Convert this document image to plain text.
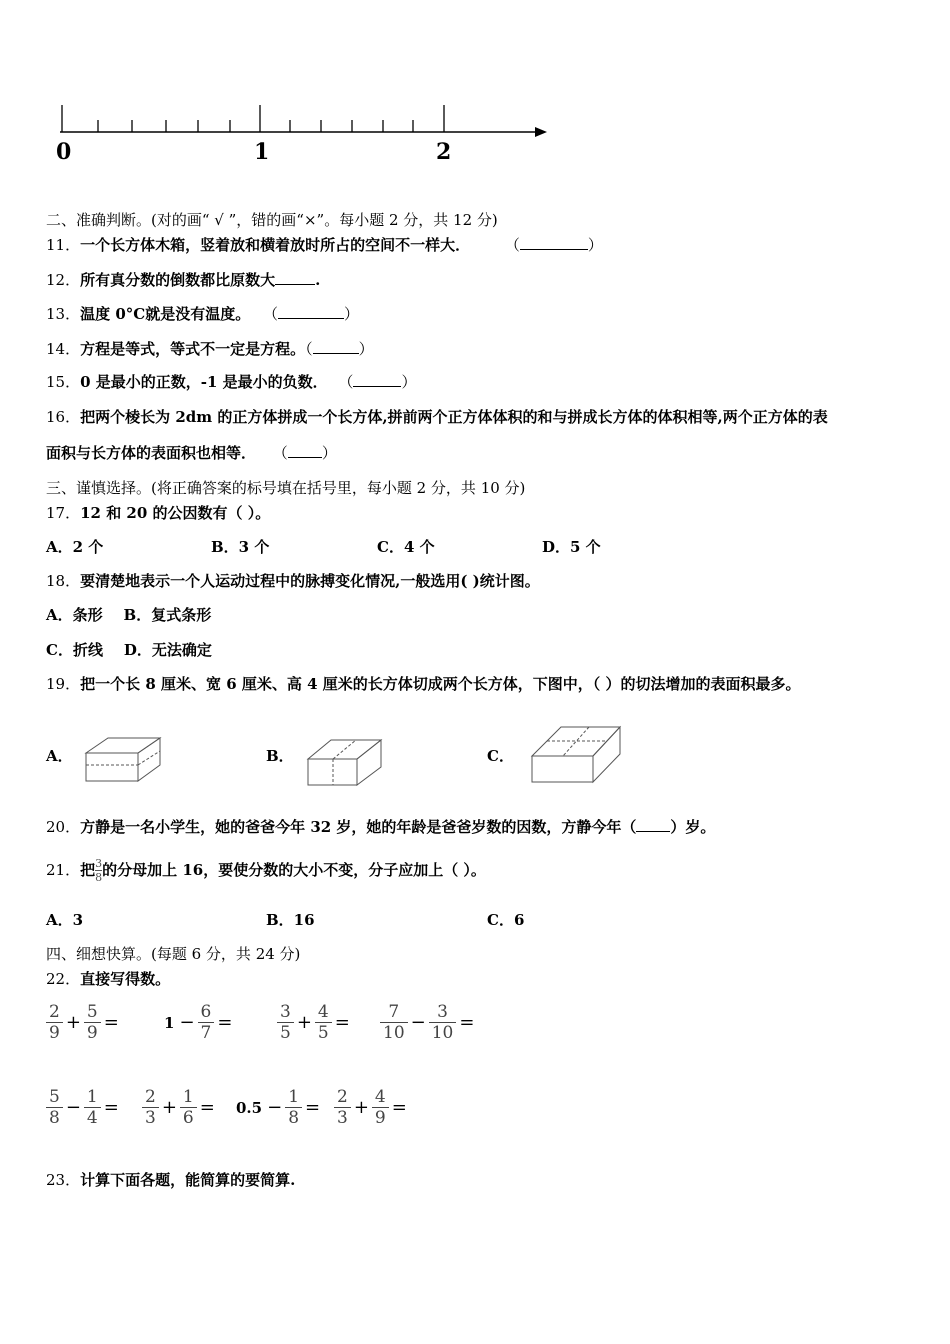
0	1	2
二、准确判断。(对的画“ √ ”，错的画“×”。每小题 2 分，共 12 分)
11．一个长方体木箱，竖着放和横着放时所占的空间不一样大． （	）
12．所有真分数的倒数都比原数大	.
13．温度 0°C就是没有温度。 （	）
14．方程是等式，等式不一定是方程。（	）
15．0 是最小的正数，-1 是最小的负数． （	）
16．把两个棱长为 2dm 的正方体拼成一个长方体,拼前两个正方体体积的和与拼成长方体的体积相等,两个正方体的表
面积与长方体的表面积也相等． （ ）
三、谨慎选择。(将正确答案的标号填在括号里，每小题 2 分，共 10 分)
17．12 和 20 的公因数有（ ）。
A．2 个	B．3 个	C．4 个	D．5 个
18．要清楚地表示一个人运动过程中的脉搏变化情况,一般选用( )统计图。
A．条形    B．复式条形
C．折线    D．无法确定
19．把一个长 8 厘米、宽 6 厘米、高 4 厘米的长方体切成两个长方体，下图中，（ ）的切法增加的表面积最多。
A．	B．	C．
20．方静是一名小学生，她的爸爸今年 32 岁，她的年龄是爸爸岁数的因数，方静今年（ ）岁。
21． 把 3
8 的分母加上 16，要使分数的大小不变，分子应加上（ ）。
A．3	B．16	C．6
四、细想快算。(每题 6 分，共 24 分)
22．直接写得数。
$\frac{2}{9} + \frac{5}{9}$ =	$1 - \frac{6}{7}$ =	$\frac{3}{5} + \frac{4}{5} = \frac{7}{10} - \frac{3}{10}$ =
$\frac{5}{8} - \frac{1}{4} = \frac{2}{3} + \frac{1}{6} = 0.5 - \frac{1}{8} = \frac{2}{3} + \frac{4}{9}$ =
23．计算下面各题，能简算的要简算.
